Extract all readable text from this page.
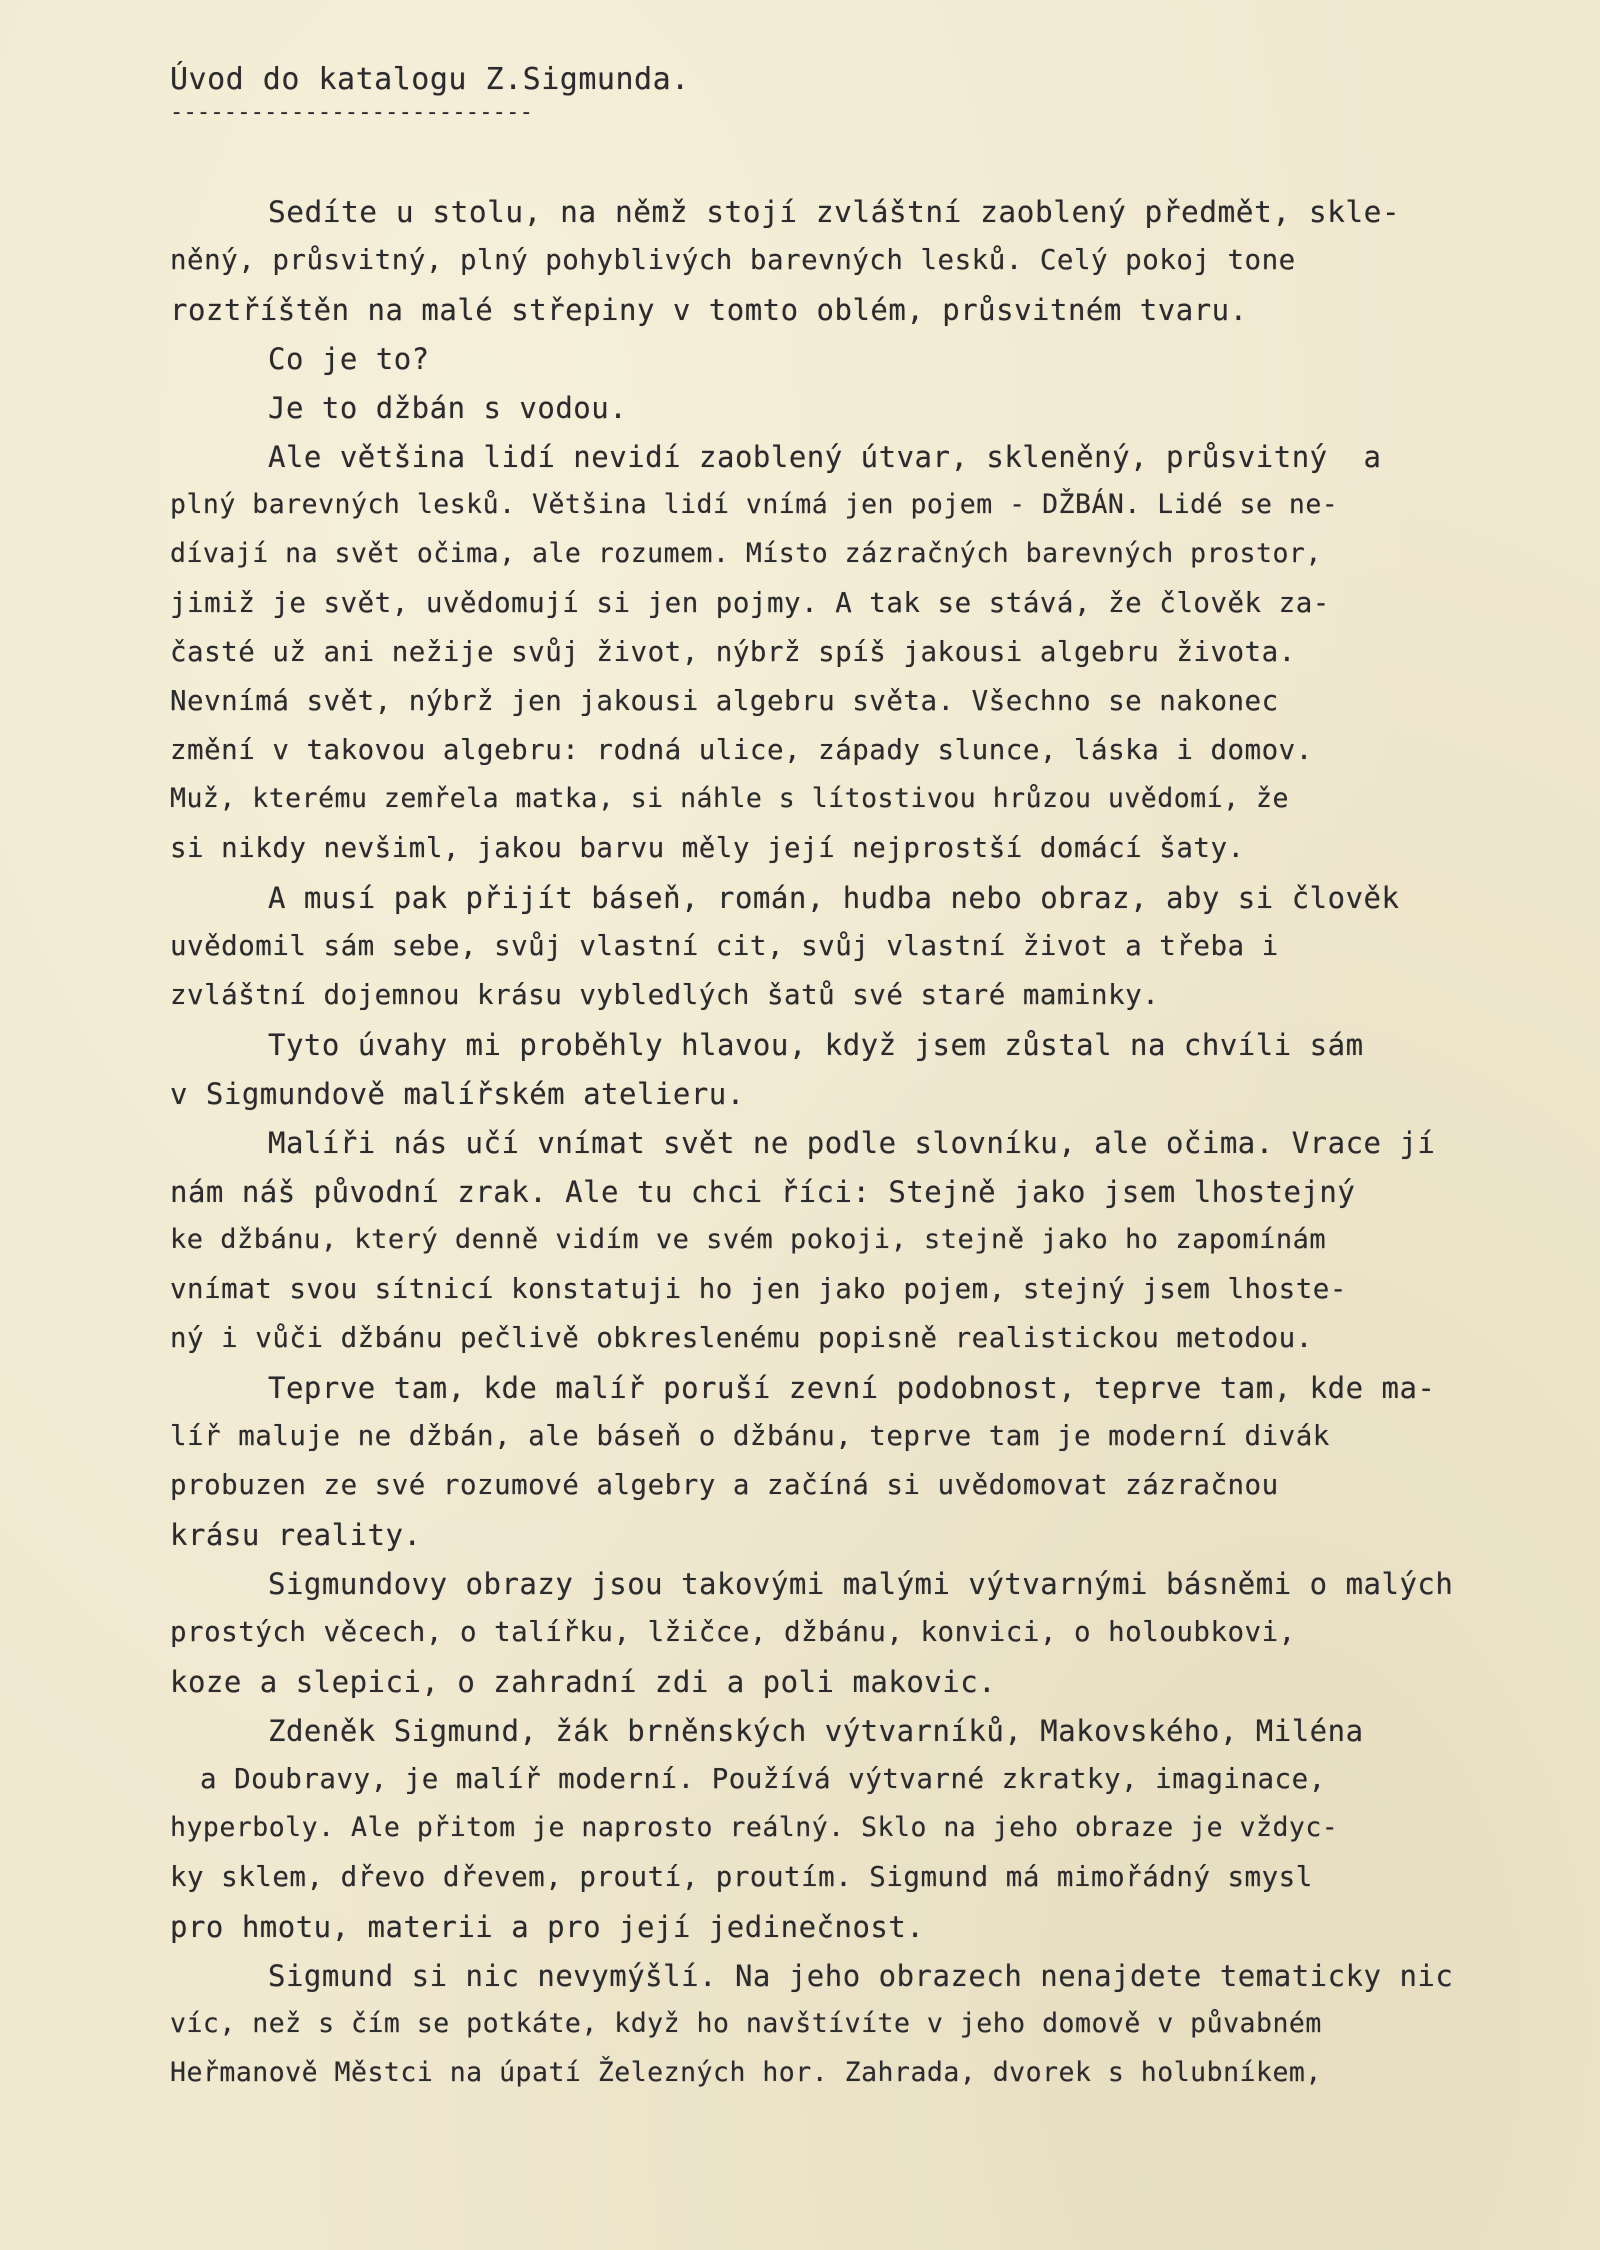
Úvod do katalogu Z.Sigmunda.
---------------------------
Sedíte u stolu, na němž stojí zvláštní zaoblený předmět, skle-
něný, průsvitný, plný pohyblivých barevných lesků. Celý pokoj tone
roztříštěn na malé střepiny v tomto oblém, průsvitném tvaru.
Co je to?
Je to džbán s vodou.
Ale většina lidí nevidí zaoblený útvar, skleněný, průsvitný  a
plný barevných lesků. Většina lidí vnímá jen pojem - DŽBÁN. Lidé se ne-
dívají na svět očima, ale rozumem. Místo zázračných barevných prostor,
jimiž je svět, uvědomují si jen pojmy. A tak se stává, že člověk za-
časté už ani nežije svůj život, nýbrž spíš jakousi algebru života.
Nevnímá svět, nýbrž jen jakousi algebru světa. Všechno se nakonec
změní v takovou algebru: rodná ulice, západy slunce, láska i domov.
Muž, kterému zemřela matka, si náhle s lítostivou hrůzou uvědomí, že
si nikdy nevšiml, jakou barvu měly její nejprostší domácí šaty.
A musí pak přijít báseň, román, hudba nebo obraz, aby si člověk
uvědomil sám sebe, svůj vlastní cit, svůj vlastní život a třeba i
zvláštní dojemnou krásu vybledlých šatů své staré maminky.
Tyto úvahy mi proběhly hlavou, když jsem zůstal na chvíli sám
v Sigmundově malířském atelieru.
Malíři nás učí vnímat svět ne podle slovníku, ale očima. Vrace jí
nám náš původní zrak. Ale tu chci říci: Stejně jako jsem lhostejný
ke džbánu, který denně vidím ve svém pokoji, stejně jako ho zapomínám
vnímat svou sítnicí konstatuji ho jen jako pojem, stejný jsem lhoste-
ný i vůči džbánu pečlivě obkreslenému popisně realistickou metodou.
Teprve tam, kde malíř poruší zevní podobnost, teprve tam, kde ma-
líř maluje ne džbán, ale báseň o džbánu, teprve tam je moderní divák
probuzen ze své rozumové algebry a začíná si uvědomovat zázračnou
krásu reality.
Sigmundovy obrazy jsou takovými malými výtvarnými básněmi o malých
prostých věcech, o talířku, lžičce, džbánu, konvici, o holoubkovi,
koze a slepici, o zahradní zdi a poli makovic.
Zdeněk Sigmund, žák brněnských výtvarníků, Makovského, Miléna
a Doubravy, je malíř moderní. Používá výtvarné zkratky, imaginace,
hyperboly. Ale přitom je naprosto reálný. Sklo na jeho obraze je vždyc-
ky sklem, dřevo dřevem, proutí, proutím. Sigmund má mimořádný smysl
pro hmotu, materii a pro její jedinečnost.
Sigmund si nic nevymýšlí. Na jeho obrazech nenajdete tematicky nic
víc, než s čím se potkáte, když ho navštívíte v jeho domově v půvabném
Heřmanově Městci na úpatí Železných hor. Zahrada, dvorek s holubníkem,
